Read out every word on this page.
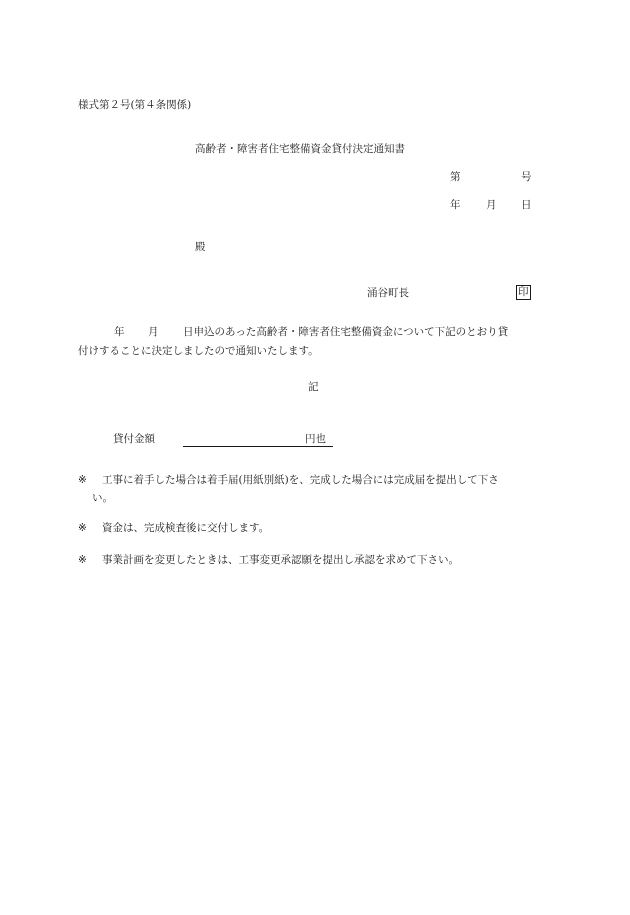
様式第２号(第４条関係)
高齢者・障害者住宅整備資金貸付決定通知書
第	号
年 月 日
殿
涌谷町長	印
年 月 日申込のあった高齢者・障害者住宅整備資金について下記のとおり貸
付けすることに決定しましたので通知いたします。
記
貸付金額	円也
※ 工事に着手した場合は着手届(用紙別紙)を、完成した場合には完成届を提出して下さ
い。
※ 資金は、完成検査後に交付します。
※ 事業計画を変更したときは、工事変更承認願を提出し承認を求めて下さい。
